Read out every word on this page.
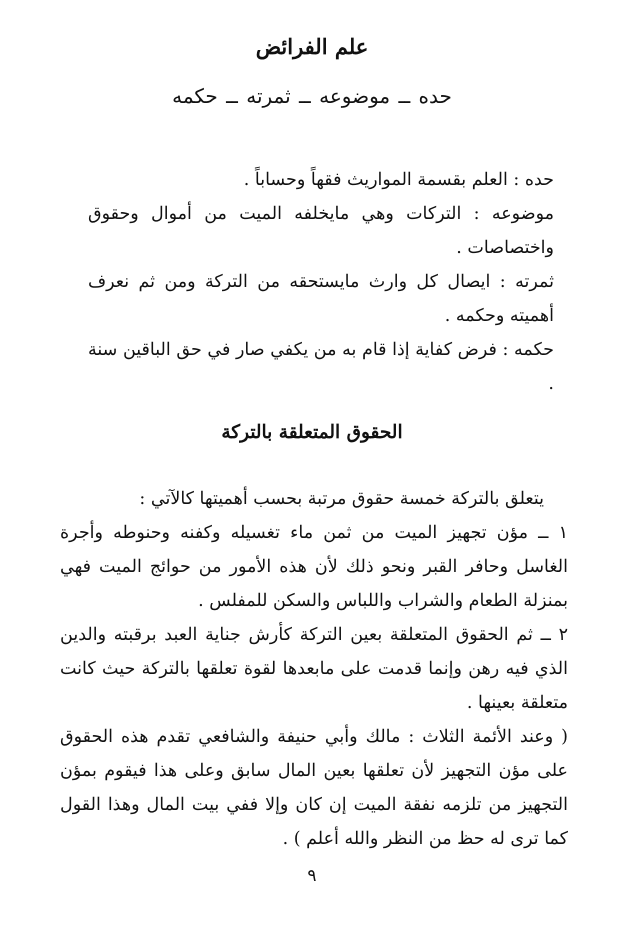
علم الفرائض
حده ــ موضوعه ــ ثمرته ــ حكمه

حده : العلم بقسمة المواريث فقهاً وحساباً .

موضوعه : التركات وهي مايخلفه الميت من أموال وحقوق واختصاصات .

ثمرته : ايصال كل وارث مايستحقه من التركة ومن ثم نعرف أهميته وحكمه .

حكمه : فرض كفاية إذا قام به من يكفي صار في حق الباقين سنة .

الحقوق المتعلقة بالتركة

يتعلق بالتركة خمسة حقوق مرتبة بحسب أهميتها كالآتي :

١ ــ مؤن تجهيز الميت من ثمن ماء تغسيله وكفنه وحنوطه وأجرة الغاسل وحافر القبر ونحو ذلك لأن هذه الأمور من حوائج الميت فهي بمنزلة الطعام والشراب واللباس والسكن للمفلس .

٢ ــ ثم الحقوق المتعلقة بعين التركة كأرش جناية العبد برقبته والدين الذي فيه رهن وإنما قدمت على مابعدها لقوة تعلقها بالتركة حيث كانت متعلقة بعينها .

( وعند الأئمة الثلاث : مالك وأبي حنيفة والشافعي تقدم هذه الحقوق على مؤن التجهيز لأن تعلقها بعين المال سابق وعلى هذا فيقوم بمؤن التجهيز من تلزمه نفقة الميت إن كان وإلا ففي بيت المال وهذا القول كما ترى له حظ من النظر والله أعلم ) .

٩
